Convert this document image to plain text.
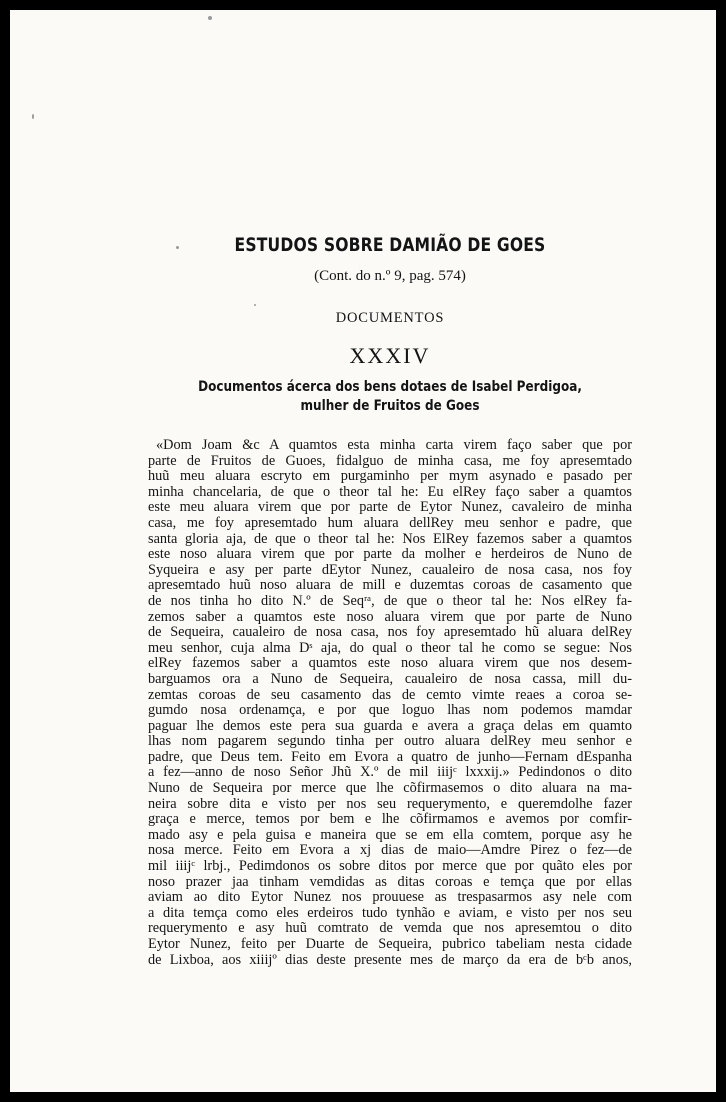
ESTUDOS SOBRE DAMIÃO DE GOES

(Cont. do n.º 9, pag. 574)

DOCUMENTOS

XXXIV

Documentos ácerca dos bens dotaes de Isabel Perdigoa,
mulher de Fruitos de Goes
«Dom Joam &c A quamtos esta minha carta virem faço saber que por
parte de Fruitos de Guoes, fidalguo de minha casa, me foy apresemtado
huũ meu aluara escryto em purgaminho per mym asynado e pasado per
minha chancelaria, de que o theor tal he: Eu elRey faço saber a quamtos
este meu aluara virem que por parte de Eytor Nunez, cavaleiro de minha
casa, me foy apresemtado hum aluara dellRey meu senhor e padre, que
santa gloria aja, de que o theor tal he: Nos ElRey fazemos saber a quamtos
este noso aluara virem que por parte da molher e herdeiros de Nuno de
Syqueira e asy per parte dEytor Nunez, caualeiro de nosa casa, nos foy
apresemtado huũ noso aluara de mill e duzemtas coroas de casamento que
de nos tinha ho dito N.º de Seqʳᵃ, de que o theor tal he: Nos elRey fa-
zemos saber a quamtos este noso aluara virem que por parte de Nuno
de Sequeira, caualeiro de nosa casa, nos foy apresemtado hũ aluara delRey
meu senhor, cuja alma Dˢ aja, do qual o theor tal he como se segue: Nos
elRey fazemos saber a quamtos este noso aluara virem que nos desem-
barguamos ora a Nuno de Sequeira, caualeiro de nosa cassa, mill du-
zemtas coroas de seu casamento das de cemto vimte reaes a coroa se-
gumdo nosa ordenamça, e por que loguo lhas nom podemos mamdar
paguar lhe demos este pera sua guarda e avera a graça delas em quamto
lhas nom pagarem segundo tinha per outro aluara delRey meu senhor e
padre, que Deus tem. Feito em Evora a quatro de junho—Fernam dEspanha
a fez—anno de noso Señor Jhũ X.º de mil iiijᶜ lxxxij.» Pedindonos o dito
Nuno de Sequeira por merce que lhe cõfirmasemos o dito aluara na ma-
neira sobre dita e visto per nos seu requerymento, e queremdolhe fazer
graça e merce, temos por bem e lhe cõfirmamos e avemos por comfir-
mado asy e pela guisa e maneira que se em ella comtem, porque asy he
nosa merce. Feito em Evora a xj dias de maio—Amdre Pirez o fez—de
mil iiijᶜ lrbj., Pedimdonos os sobre ditos por merce que por quãto eles por
noso prazer jaa tinham vemdidas as ditas coroas e temça que por ellas
aviam ao dito Eytor Nunez nos prouuese as trespasarmos asy nele com
a dita temça como eles erdeiros tudo tynhão e aviam, e visto per nos seu
requerymento e asy huũ comtrato de vemda que nos apresemtou o dito
Eytor Nunez, feito per Duarte de Sequeira, pubrico tabeliam nesta cidade
de Lixboa, aos xiiijº dias deste presente mes de março da era de bᶜb anos,
